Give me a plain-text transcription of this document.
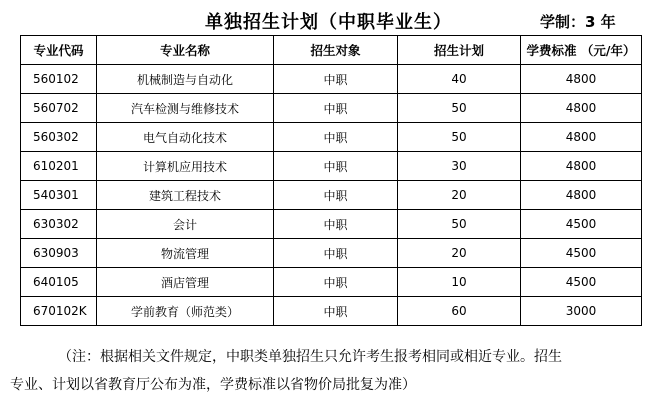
单独招生计划（中职毕业生）	学制：3 年
专业代码	专业名称	招生对象	招生计划	学费标准 （元/年）
560102	机械制造与自动化	中职	40	4800
560702	汽车检测与维修技术	中职	50	4800
560302	电气自动化技术	中职	50	4800
610201	计算机应用技术	中职	30	4800
540301	建筑工程技术	中职	20	4800
630302	会计	中职	50	4500
630903	物流管理	中职	20	4500
640105	酒店管理	中职	10	4500
670102K	学前教育（师范类）	中职	60	3000
（注：根据相关文件规定，中职类单独招生只允许考生报考相同或相近专业。招生
专业、计划以省教育厅公布为准，学费标准以省物价局批复为准）
